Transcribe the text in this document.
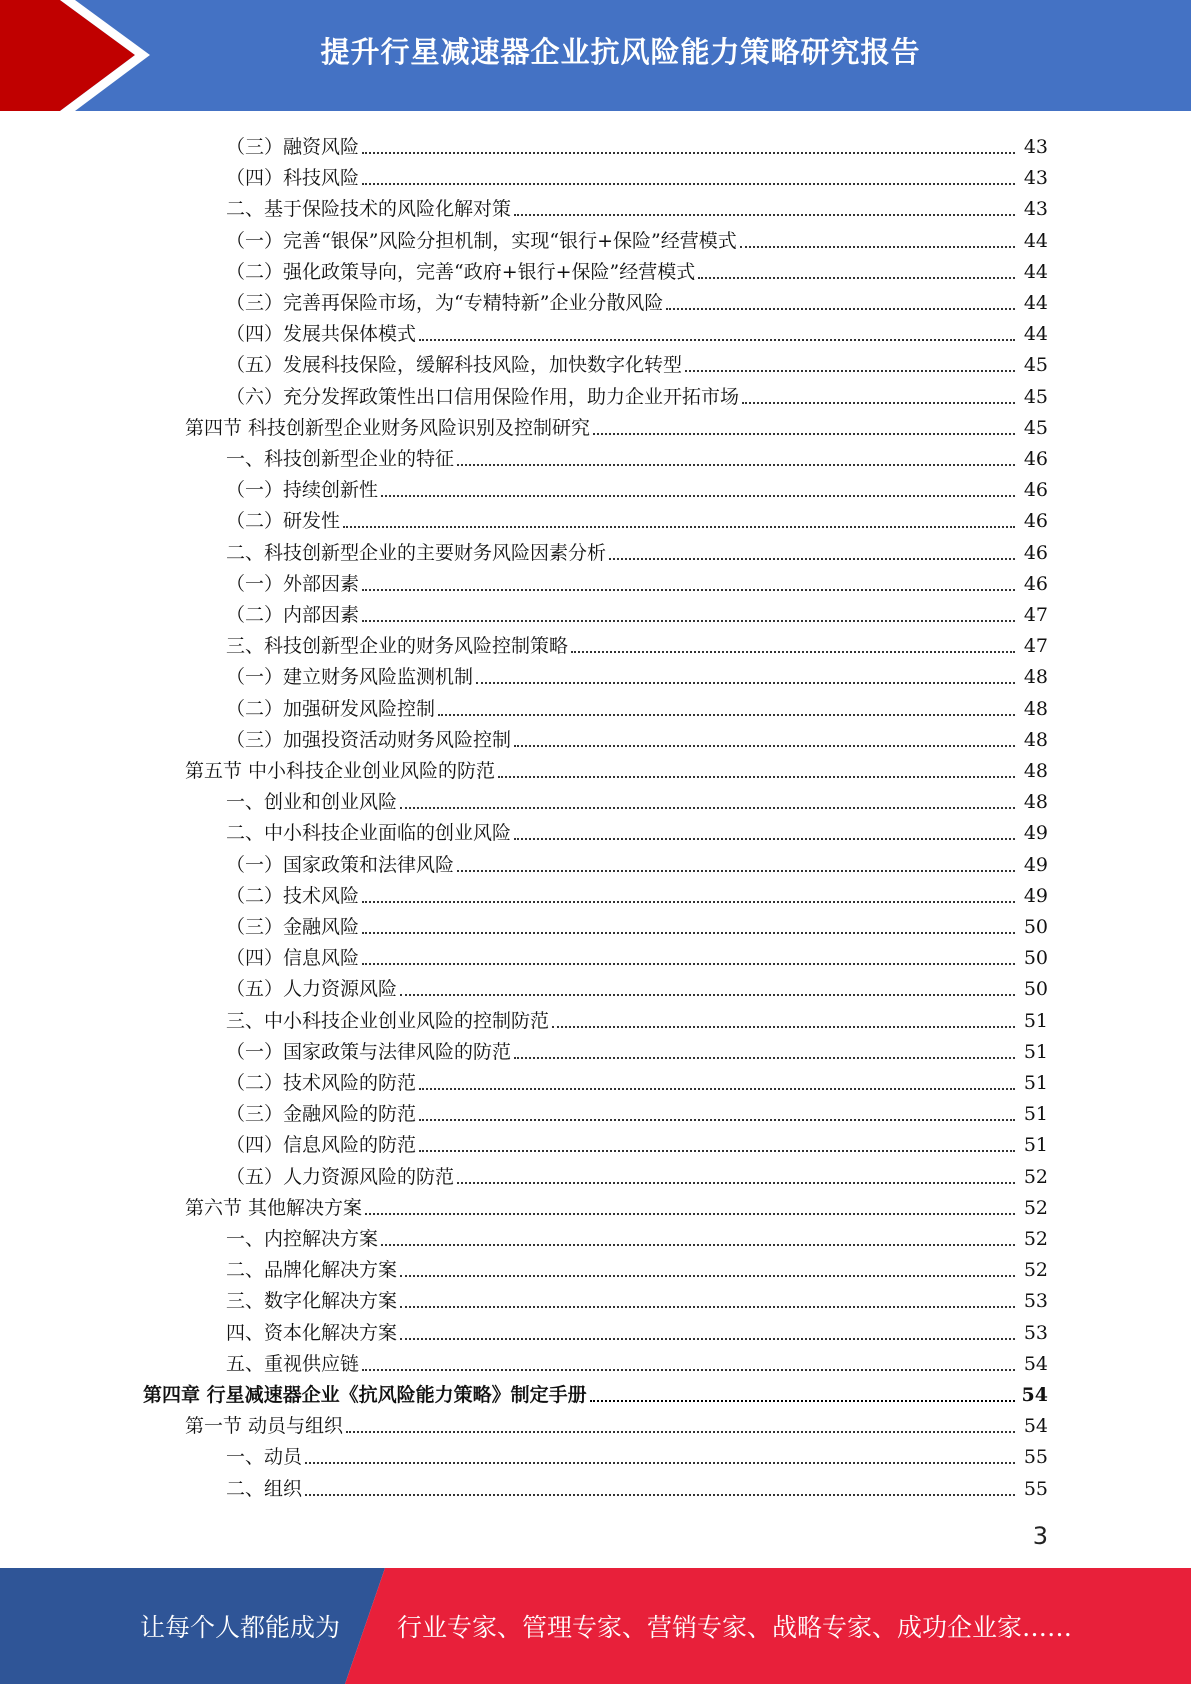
提升行星减速器企业抗风险能力策略研究报告
（三）融资风险	43
（四）科技风险	43
二、基于保险技术的风险化解对策	43
（一）完善“银保”风险分担机制，实现“银行+保险”经营模式	44
（二）强化政策导向，完善“政府+银行+保险”经营模式	44
（三）完善再保险市场，为“专精特新”企业分散风险	44
（四）发展共保体模式	44
（五）发展科技保险，缓解科技风险，加快数字化转型	45
（六）充分发挥政策性出口信用保险作用，助力企业开拓市场	45
第四节 科技创新型企业财务风险识别及控制研究	45
一、科技创新型企业的特征	46
（一）持续创新性	46
（二）研发性	46
二、科技创新型企业的主要财务风险因素分析	46
（一）外部因素	46
（二）内部因素	47
三、科技创新型企业的财务风险控制策略	47
（一）建立财务风险监测机制	48
（二）加强研发风险控制	48
（三）加强投资活动财务风险控制	48
第五节 中小科技企业创业风险的防范	48
一、创业和创业风险	48
二、中小科技企业面临的创业风险	49
（一）国家政策和法律风险	49
（二）技术风险	49
（三）金融风险	50
（四）信息风险	50
（五）人力资源风险	50
三、中小科技企业创业风险的控制防范	51
（一）国家政策与法律风险的防范	51
（二）技术风险的防范	51
（三）金融风险的防范	51
（四）信息风险的防范	51
（五）人力资源风险的防范	52
第六节 其他解决方案	52
一、内控解决方案	52
二、品牌化解决方案	52
三、数字化解决方案	53
四、资本化解决方案	53
五、重视供应链	54
第四章 行星减速器企业《抗风险能力策略》制定手册	54
第一节 动员与组织	54
一、动员	55
二、组织	55
3
让每个人都能成为 行业专家、管理专家、营销专家、战略专家、成功企业家……
